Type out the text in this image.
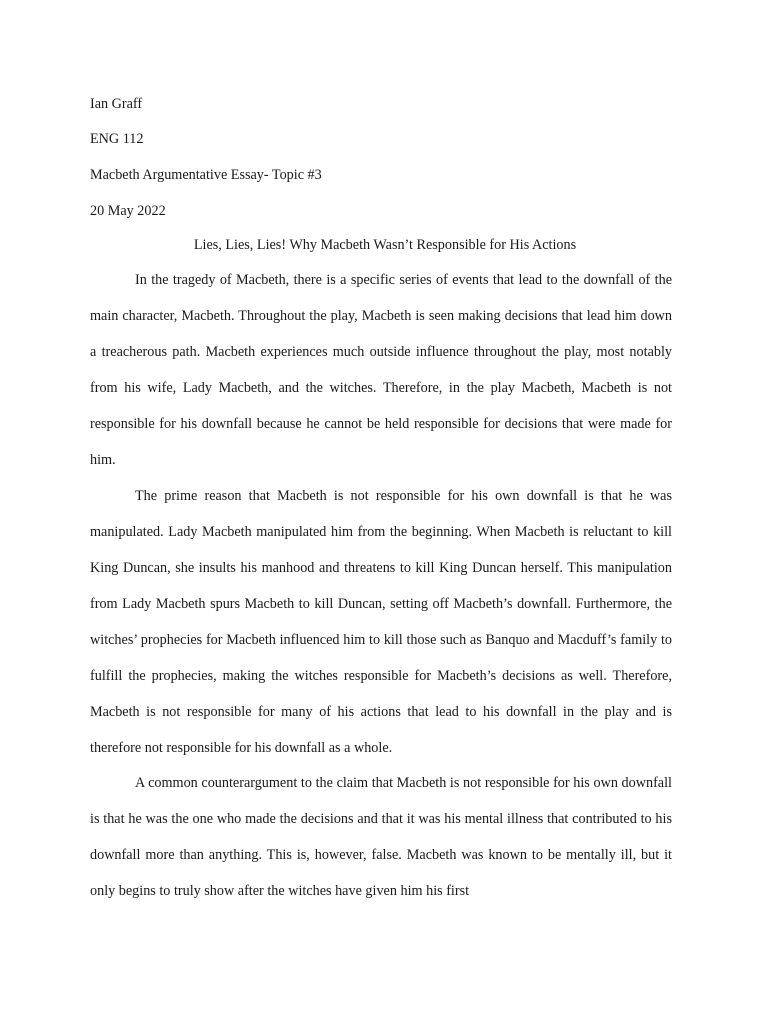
Ian Graff
ENG 112
Macbeth Argumentative Essay- Topic #3
20 May 2022
Lies, Lies, Lies! Why Macbeth Wasn’t Responsible for His Actions

In the tragedy of Macbeth, there is a specific series of events that lead to the downfall of the main character, Macbeth. Throughout the play, Macbeth is seen making decisions that lead him down a treacherous path. Macbeth experiences much outside influence throughout the play, most notably from his wife, Lady Macbeth, and the witches. Therefore, in the play Macbeth, Macbeth is not responsible for his downfall because he cannot be held responsible for decisions that were made for him.

The prime reason that Macbeth is not responsible for his own downfall is that he was manipulated. Lady Macbeth manipulated him from the beginning. When Macbeth is reluctant to kill King Duncan, she insults his manhood and threatens to kill King Duncan herself. This manipulation from Lady Macbeth spurs Macbeth to kill Duncan, setting off Macbeth’s downfall. Furthermore, the witches’ prophecies for Macbeth influenced him to kill those such as Banquo and Macduff’s family to fulfill the prophecies, making the witches responsible for Macbeth’s decisions as well. Therefore, Macbeth is not responsible for many of his actions that lead to his downfall in the play and is therefore not responsible for his downfall as a whole.

A common counterargument to the claim that Macbeth is not responsible for his own downfall is that he was the one who made the decisions and that it was his mental illness that contributed to his downfall more than anything. This is, however, false. Macbeth was known to be mentally ill, but it only begins to truly show after the witches have given him his first
